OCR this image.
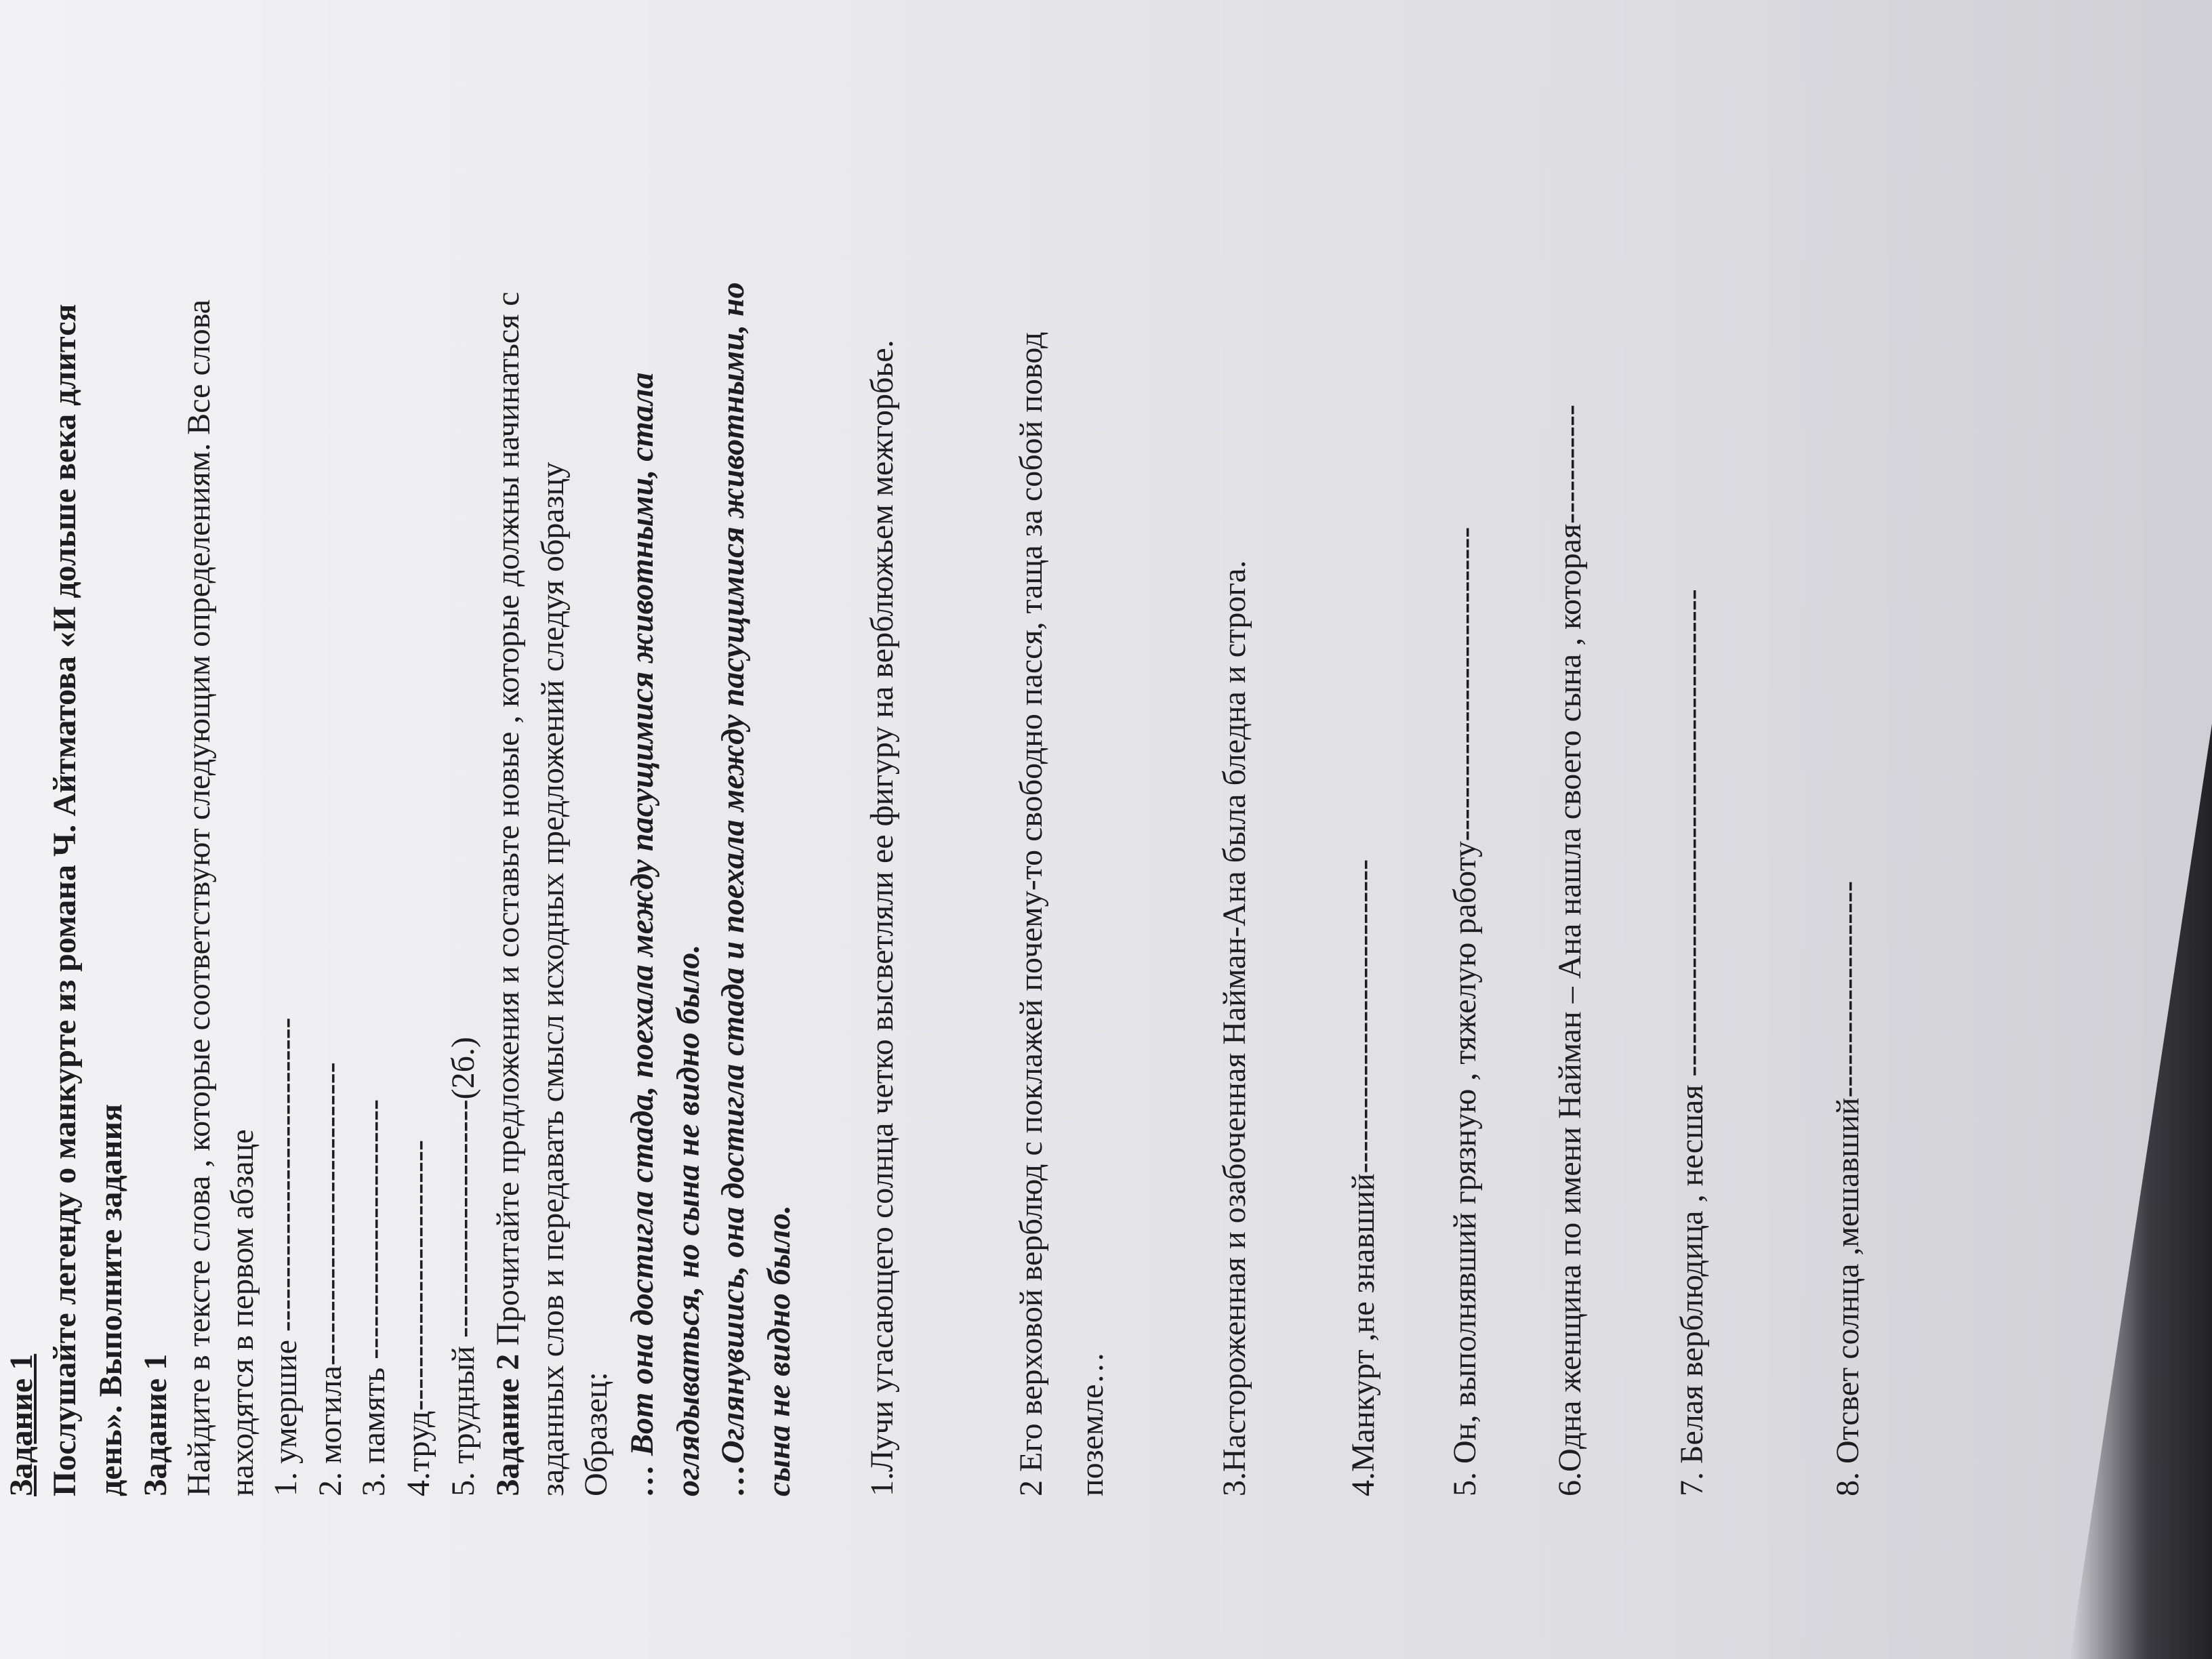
Задание 1 Послушайте легенду о манкурте из романа Ч. Айтматова «И дольше века длится день». Выполните задания Задание 1 Найдите в тексте слова , которые соответствуют следующим определениям. Все слова находятся в первом абзаце 1. умершие ----------------------------- 2. могила---------------------------- 3. память ------------------------ 4.труд------------------------- 5. трудный ----------------------(2б.) Задание 2 Прочитайте предложения и составьте новые , которые должны начинаться с заданных слов и передавать смысл исходных предложений следуя образцу Образец: … Вот она достигла стада, поехала между пасущимися животными, стала оглядываться, но сына не видно было. …Оглянувшись, она достигла стада и поехала между пасущимися животными, но сына не видно было. 1.Лучи угасающего солнца четко высветляли ее фигуру на верблюжьем межгорбье.	2 Его верховой верблюд с поклажей почему-то свободно пасся, таща за собой повод поземле…	3.Настороженная и озабоченная Найман-Ана была бледна и строга.	4.Манкурт ,не знавший----------------------------- 5. Он, выполнявший грязную , тяжелую работу----------------------------- 6.Одна женщина по имени Найман – Ана нашла своего сына , которая-----------	7. Белая верблюдица , несшая ---------------------------------------------	8. Отсвет солнца ,мешавший--------------------
